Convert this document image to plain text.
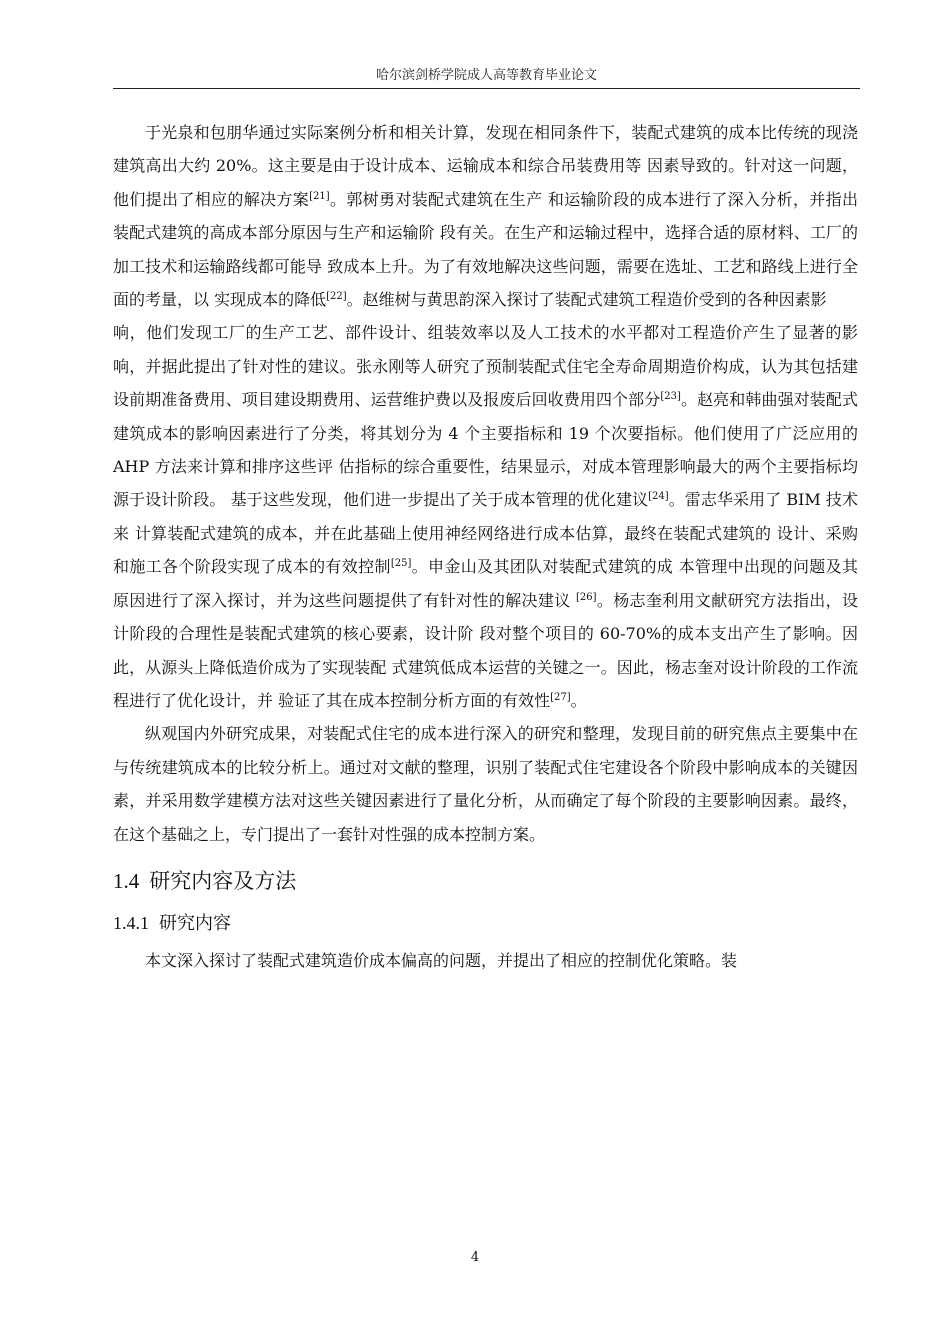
哈尔滨剑桥学院成人高等教育毕业论文

于光泉和包朋华通过实际案例分析和相关计算，发现在相同条件下，装配式建筑的成本比传统的现浇建筑高出大约 20%。这主要是由于设计成本、运输成本和综合吊装费用等 因素导致的。针对这一问题，他们提出了相应的解决方案[21]。郭树勇对装配式建筑在生产 和运输阶段的成本进行了深入分析，并指出装配式建筑的高成本部分原因与生产和运输阶 段有关。在生产和运输过程中，选择合适的原材料、工厂的加工技术和运输路线都可能导 致成本上升。为了有效地解决这些问题，需要在选址、工艺和路线上进行全面的考量，以 实现成本的降低[22]。赵维树与黄思韵深入探讨了装配式建筑工程造价受到的各种因素影

响，他们发现工厂的生产工艺、部件设计、组装效率以及人工技术的水平都对工程造价产生了显著的影响，并据此提出了针对性的建议。张永刚等人研究了预制装配式住宅全寿命周期造价构成，认为其包括建设前期准备费用、项目建设期费用、运营维护费以及报废后回收费用四个部分[23]。赵亮和韩曲强对装配式建筑成本的影响因素进行了分类，将其划分为 4 个主要指标和 19 个次要指标。他们使用了广泛应用的 AHP 方法来计算和排序这些评 估指标的综合重要性，结果显示，对成本管理影响最大的两个主要指标均源于设计阶段。 基于这些发现，他们进一步提出了关于成本管理的优化建议[24]。雷志华采用了 BIM 技术来 计算装配式建筑的成本，并在此基础上使用神经网络进行成本估算，最终在装配式建筑的 设计、采购和施工各个阶段实现了成本的有效控制[25]。申金山及其团队对装配式建筑的成 本管理中出现的问题及其原因进行了深入探讨，并为这些问题提供了有针对性的解决建议 [26]。杨志奎利用文献研究方法指出，设计阶段的合理性是装配式建筑的核心要素，设计阶 段对整个项目的 60-70%的成本支出产生了影响。因此，从源头上降低造价成为了实现装配 式建筑低成本运营的关键之一。因此，杨志奎对设计阶段的工作流程进行了优化设计，并 验证了其在成本控制分析方面的有效性[27]。

纵观国内外研究成果，对装配式住宅的成本进行深入的研究和整理，发现目前的研究焦点主要集中在与传统建筑成本的比较分析上。通过对文献的整理，识别了装配式住宅建设各个阶段中影响成本的关键因素，并采用数学建模方法对这些关键因素进行了量化分析，从而确定了每个阶段的主要影响因素。最终，在这个基础之上，专门提出了一套针对性强的成本控制方案。

1.4 研究内容及方法
1.4.1 研究内容

本文深入探讨了装配式建筑造价成本偏高的问题，并提出了相应的控制优化策略。装

4
